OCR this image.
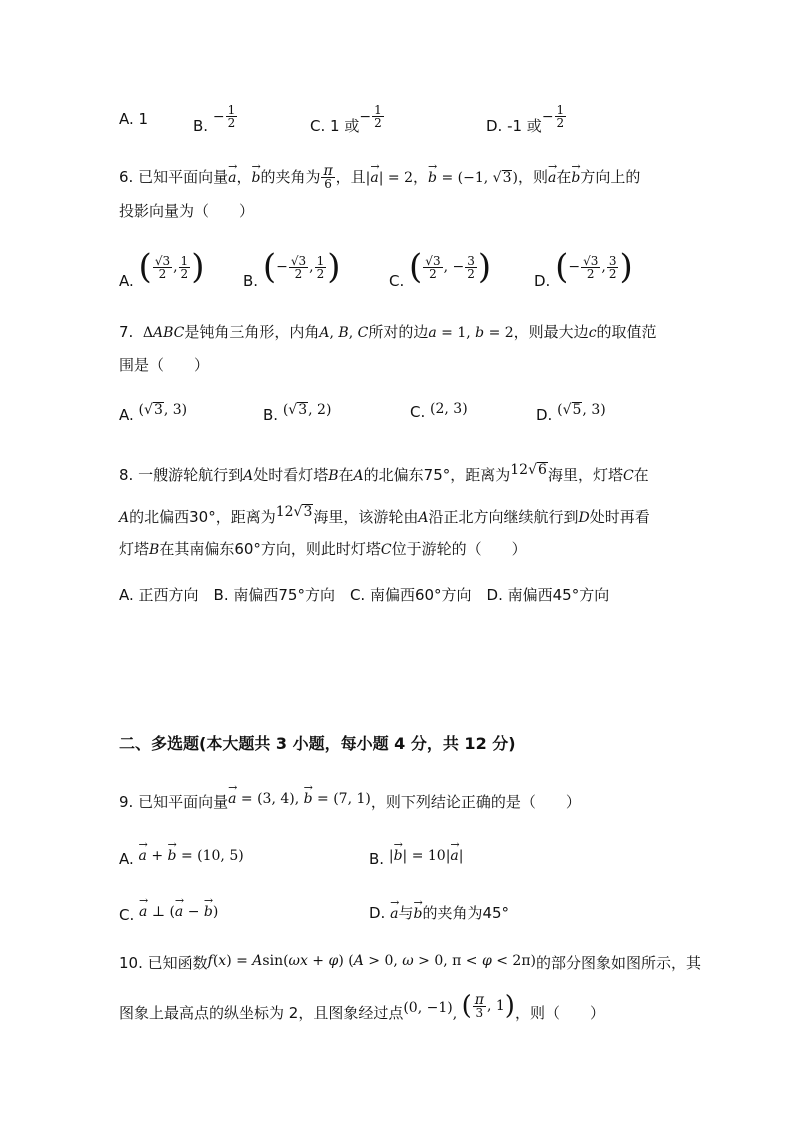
A. 1	B. − $\frac{1}{2}$	C. 1 或− $\frac{1}{2}$	D. -1 或− $\frac{1}{2}$
6. 已知平面向量→ a，→ b的夹角为 $\frac{\pi}{6}$ ，且|→ a| = 2，→ b = (−1, √3)，则→ a在→ b方向上的
投影向量为（　　）
A. ( $\frac{√3}{2}$ , $\frac{1}{2}$ )	B. ( − $\frac{√3}{2}$ , $\frac{1}{2}$ )	C. ( $\frac{√3}{2}$ , − $\frac{3}{2}$ )	D. ( − $\frac{√3}{2}$ , $\frac{3}{2}$ )
7. ΔABC是钝角三角形，内角A, B, C所对的边a = 1, b = 2，则最大边c的取值范
围是（　　）
A. (√3, 3)	B. (√3, 2)	C. (2, 3)	D. (√5, 3)
8. 一艘游轮航行到A处时看灯塔B在A的北偏东75°，距离为12√6海里，灯塔C在
A的北偏西30°，距离为12√3海里，该游轮由A沿正北方向继续航行到D处时再看
灯塔B在其南偏东60°方向，则此时灯塔C位于游轮的（　　）
A. 正西方向　B. 南偏西75°方向　C. 南偏西60°方向　D. 南偏西45°方向
二、多选题(本大题共 3 小题，每小题 4 分，共 12 分)
9. 已知平面向量→ a = (3, 4), → b = (7, 1)，则下列结论正确的是（　　）
A. → a + → b = (10, 5)	B. |→ b| = 10|→ a|
C. → a ⊥ (→ a − → b)	D. → a与→ b的夹角为45°
10. 已知函数f(x) = Asin(ωx + φ) (A > 0, ω > 0, π < φ < 2π)的部分图象如图所示，其
图象上最高点的纵坐标为 2，且图象经过点(0, −1), ( $\frac{\pi}{3}$ , 1 ) ，则（　　）
